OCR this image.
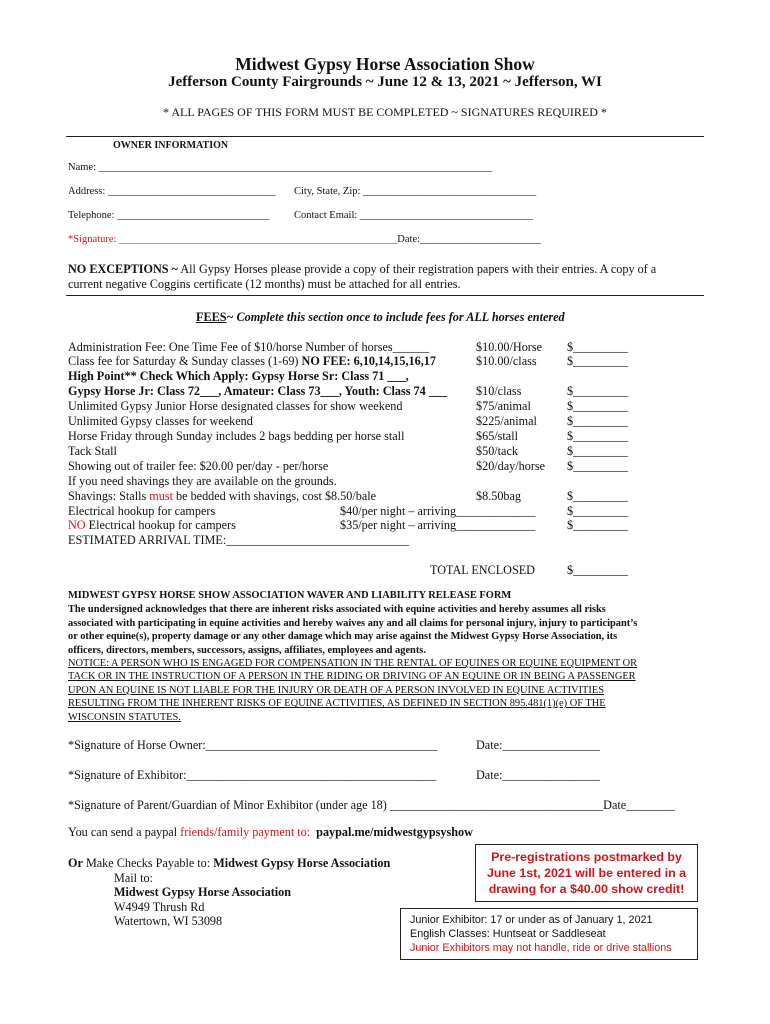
Midwest Gypsy Horse Association Show
Jefferson County Fairgrounds ~ June 12 & 13, 2021 ~ Jefferson, WI
* ALL PAGES OF THIS FORM MUST BE COMPLETED ~ SIGNATURES REQUIRED *
OWNER INFORMATION
Name: ___________________________________________________________________________
Address: ________________________________ City, State, Zip: _________________________________
Telephone: _____________________________ Contact Email: _________________________________
*Signature: _____________________________________________________Date:_______________________
NO EXCEPTIONS ~ All Gypsy Horses please provide a copy of their registration papers with their entries. A copy of a
current negative Coggins certificate (12 months) must be attached for all entries.
FEES~ Complete this section once to include fees for ALL horses entered
Administration Fee: One Time Fee of $10/horse Number of horses______	$10.00/Horse $_________
Class fee for Saturday & Sunday classes (1-69) NO FEE: 6,10,14,15,16,17	$10.00/class $_________
High Point** Check Which Apply: Gypsy Horse Sr: Class 71 ___,
Gypsy Horse Jr: Class 72___, Amateur: Class 73___, Youth: Class 74 ___ $10/class	$_________
Unlimited Gypsy Junior Horse designated classes for show weekend	$75/animal	$_________
Unlimited Gypsy classes for weekend	$225/animal $_________
Horse Friday through Sunday includes 2 bags bedding per horse stall	$65/stall	$_________
Tack Stall	$50/tack	$_________
Showing out of trailer fee: $20.00 per/day - per/horse	$20/day/horse $_________
If you need shavings they are available on the grounds.
Shavings: Stalls must be bedded with shavings, cost $8.50/bale	$8.50bag	$_________
Electrical hookup for campers	$40/per night – arriving_____________	$_________
NO Electrical hookup for campers	$35/per night – arriving_____________	$_________
ESTIMATED ARRIVAL TIME:______________________________
TOTAL ENCLOSED	$_________
MIDWEST GYPSY HORSE SHOW ASSOCIATION WAVER AND LIABILITY RELEASE FORM
The undersigned acknowledges that there are inherent risks associated with equine activities and hereby assumes all risks
associated with participating in equine activities and hereby waives any and all claims for personal injury, injury to participant’s
or other equine(s), property damage or any other damage which may arise against the Midwest Gypsy Horse Association, its
officers, directors, members, successors, assigns, affiliates, employees and agents.
NOTICE: A PERSON WHO IS ENGAGED FOR COMPENSATION IN THE RENTAL OF EQUINES OR EQUINE EQUIPMENT OR
TACK OR IN THE INSTRUCTION OF A PERSON IN THE RIDING OR DRIVING OF AN EQUINE OR IN BEING A PASSENGER
UPON AN EQUINE IS NOT LIABLE FOR THE INJURY OR DEATH OF A PERSON INVOLVED IN EQUINE ACTIVITIES
RESULTING FROM THE INHERENT RISKS OF EQUINE ACTIVITIES, AS DEFINED IN SECTION 895.481(1)(e) OF THE
WISCONSIN STATUTES.
*Signature of Horse Owner:______________________________________	Date:________________
*Signature of Exhibitor:_________________________________________	Date:________________
*Signature of Parent/Guardian of Minor Exhibitor (under age 18) ___________________________________Date________
You can send a paypal friends/family payment to: paypal.me/midwestgypsyshow
Or Make Checks Payable to: Midwest Gypsy Horse Association
Mail to:
Midwest Gypsy Horse Association
W4949 Thrush Rd
Watertown, WI 53098
Pre-registrations postmarked by
June 1st, 2021 will be entered in a
drawing for a $40.00 show credit!
Junior Exhibitor: 17 or under as of January 1, 2021
English Classes: Huntseat or Saddleseat
Junior Exhibitors may not handle, ride or drive stallions
